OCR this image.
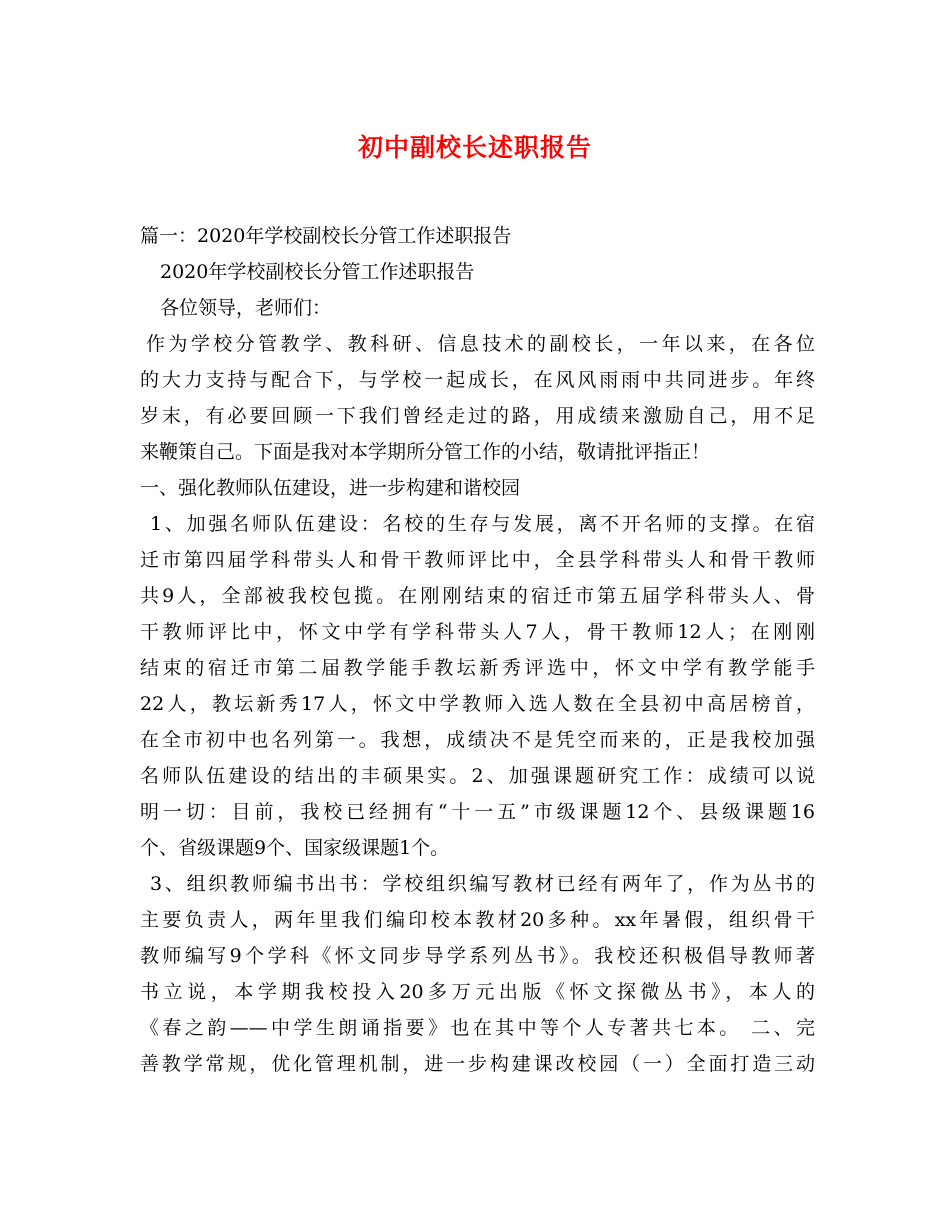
初中副校长述职报告
篇一：2020年学校副校长分管工作述职报告
2020年学校副校长分管工作述职报告
各位领导，老师们：
作为学校分管教学、教科研、信息技术的副校长，一年以来，在各位
的大力支持与配合下，与学校一起成长，在风风雨雨中共同进步。年终
岁末，有必要回顾一下我们曾经走过的路，用成绩来激励自己，用不足
来鞭策自己。下面是我对本学期所分管工作的小结，敬请批评指正！
一、强化教师队伍建设，进一步构建和谐校园
1、加强名师队伍建设：名校的生存与发展，离不开名师的支撑。在宿
迁市第四届学科带头人和骨干教师评比中，全县学科带头人和骨干教师
共9人，全部被我校包揽。在刚刚结束的宿迁市第五届学科带头人、骨
干教师评比中，怀文中学有学科带头人7人，骨干教师12人；在刚刚
结束的宿迁市第二届教学能手教坛新秀评选中，怀文中学有教学能手
22人，教坛新秀17人，怀文中学教师入选人数在全县初中高居榜首，
在全市初中也名列第一。我想，成绩决不是凭空而来的，正是我校加强
名师队伍建设的结出的丰硕果实。2、加强课题研究工作：成绩可以说
明一切：目前，我校已经拥有“十一五”市级课题12个、县级课题16
个、省级课题9个、国家级课题1个。
3、组织教师编书出书：学校组织编写教材已经有两年了，作为丛书的
主要负责人，两年里我们编印校本教材20多种。xx年暑假，组织骨干
教师编写9个学科《怀文同步导学系列丛书》。我校还积极倡导教师著
书立说，本学期我校投入20多万元出版《怀文探微丛书》，本人的
《春之韵——中学生朗诵指要》也在其中等个人专著共七本。 二、完
善教学常规，优化管理机制，进一步构建课改校园（一）全面打造三动
